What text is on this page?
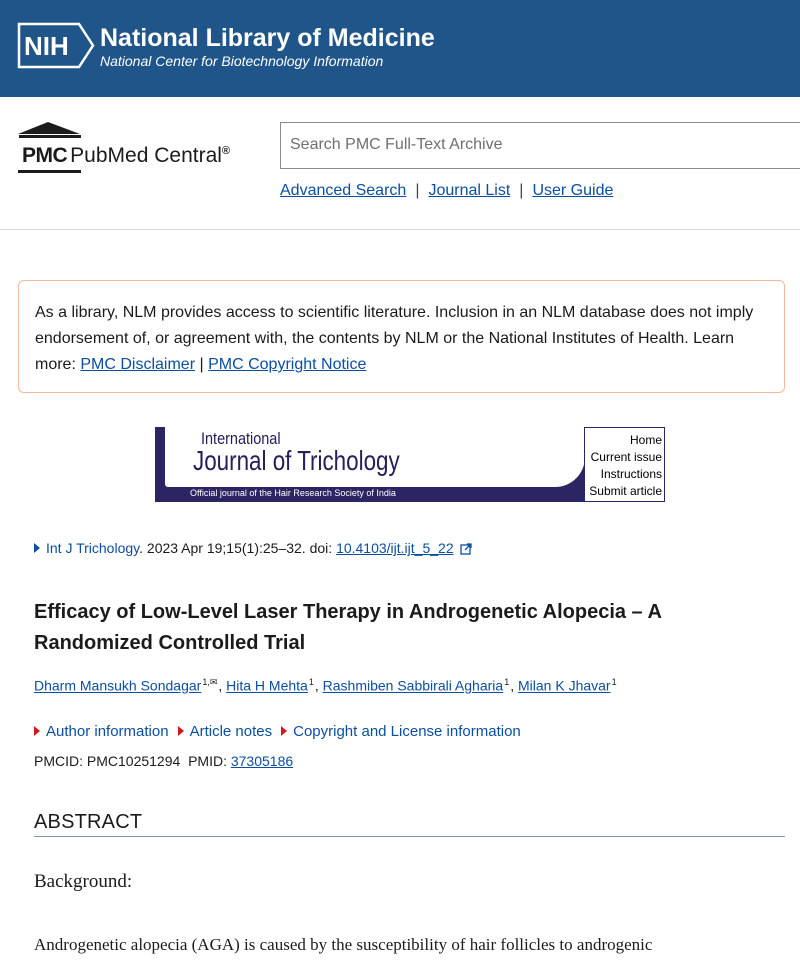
NIH National Library of Medicine
National Center for Biotechnology Information
PMC PubMed Central®
Search PMC Full-Text Archive
Advanced Search | Journal List | User Guide
As a library, NLM provides access to scientific literature. Inclusion in an NLM database does not imply endorsement of, or agreement with, the contents by NLM or the National Institutes of Health. Learn more: PMC Disclaimer | PMC Copyright Notice
International
Journal of Trichology
Official journal of the Hair Research Society of India
Home
Current issue
Instructions
Submit article
Int J Trichology. 2023 Apr 19;15(1):25–32. doi: 10.4103/ijt.ijt_5_22
Efficacy of Low-Level Laser Therapy in Androgenetic Alopecia – A Randomized Controlled Trial
Dharm Mansukh Sondagar$^{1,✉}$, Hita H Mehta$^1$, Rashmiben Sabbirali Agharia$^1$, Milan K Jhavar$^1$
Author information Article notes Copyright and License information
PMCID: PMC10251294 PMID: 37305186
ABSTRACT
Background:
Androgenetic alopecia (AGA) is caused by the susceptibility of hair follicles to androgenic
